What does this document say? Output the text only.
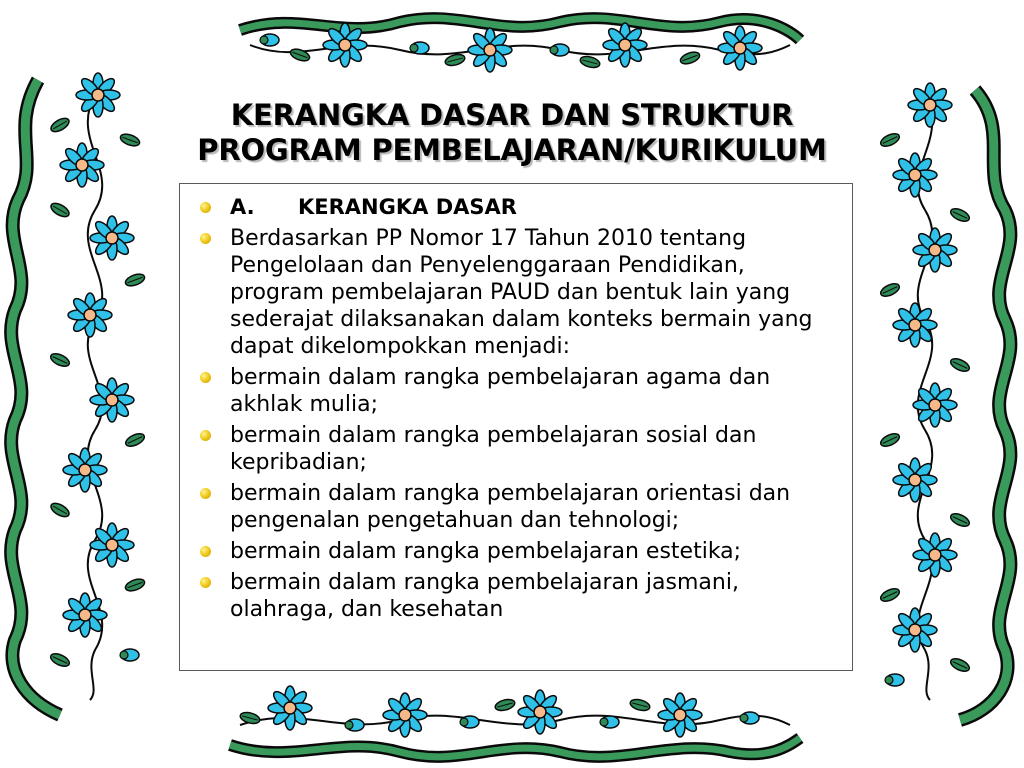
KERANGKA DASAR DAN STRUKTUR
PROGRAM PEMBELAJARAN/KURIKULUM
A. KERANGKA DASAR
Berdasarkan PP Nomor 17 Tahun 2010 tentang Pengelolaan dan Penyelenggaraan Pendidikan, program pembelajaran PAUD dan bentuk lain yang sederajat dilaksanakan dalam konteks bermain yang dapat dikelompokkan menjadi:
bermain dalam rangka pembelajaran agama dan akhlak mulia;
bermain dalam rangka pembelajaran sosial dan kepribadian;
bermain dalam rangka pembelajaran orientasi dan pengenalan pengetahuan dan tehnologi;
bermain dalam rangka pembelajaran estetika;
bermain dalam rangka pembelajaran jasmani, olahraga, dan kesehatan
